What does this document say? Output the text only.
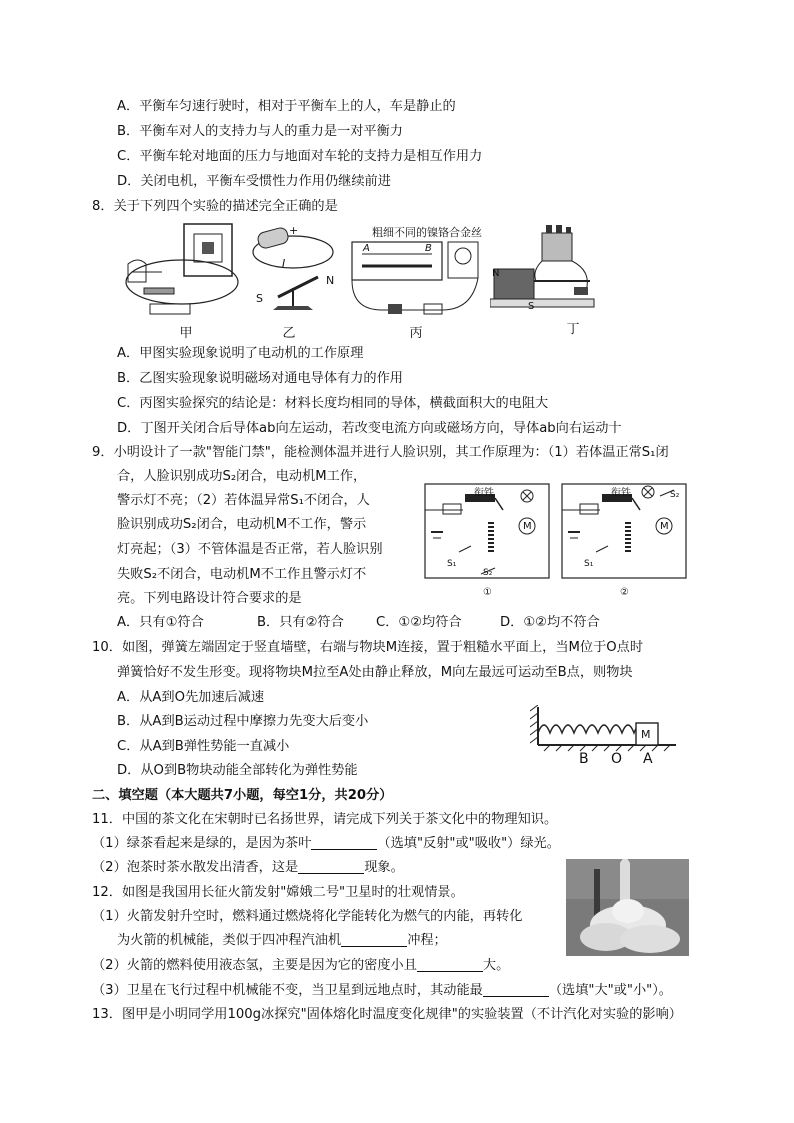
A．平衡车匀速行驶时，相对于平衡车上的人，车是静止的
B．平衡车对人的支持力与人的重力是一对平衡力
C．平衡车轮对地面的压力与地面对车轮的支持力是相互作用力
D．关闭电机，平衡车受惯性力作用仍继续前进
8．关于下列四个实验的描述完全正确的是
甲
+
I
S
N
乙
粗细不同的镍铬合金丝
A	B
丙
N
S
丁
A．甲图实验现象说明了电动机的工作原理
B．乙图实验现象说明磁场对通电导体有力的作用
C．丙图实验探究的结论是：材料长度均相同的导体，横截面积大的电阻大
D．丁图开关闭合后导体ab向左运动，若改变电流方向或磁场方向，导体ab向右运动十
9．小明设计了一款"智能门禁"，能检测体温并进行人脸识别，其工作原理为：（1）若体温正常S₁闭
合，人脸识别成功S₂闭合，电动机M工作，
警示灯不亮；（2）若体温异常S₁不闭合，人
脸识别成功S₂闭合，电动机M不工作，警示
灯亮起；（3）不管体温是否正常，若人脸识别
失败S₂不闭合，电动机M不工作且警示灯不
亮。下列电路设计符合要求的是
衔铁
M
S₁
S₂
①
衔铁
M
S₂
S₁
②
A．只有①符合	B．只有②符合 C．①②均符合	D．①②均不符合
10．如图，弹簧左端固定于竖直墙壁，右端与物块M连接，置于粗糙水平面上，当M位于O点时
弹簧恰好不发生形变。现将物块M拉至A处由静止释放，M向左最远可运动至B点，则物块
A．从A到O先加速后减速
B．从A到B运动过程中摩擦力先变大后变小
C．从A到B弹性势能一直减小
D．从O到B物块动能全部转化为弹性势能
M
B O A
二、填空题（本大题共7小题，每空1分，共20分）
11．中国的茶文化在宋朝时已名扬世界，请完成下列关于茶文化中的物理知识。
（1）绿茶看起来是绿的，是因为茶叶	（选填"反射"或"吸收"）绿光。
（2）泡茶时茶水散发出清香，这是	现象。
12．如图是我国用长征火箭发射"嫦娥二号"卫星时的壮观情景。
（1）火箭发射升空时，燃料通过燃烧将化学能转化为燃气的内能，再转化
为火箭的机械能，类似于四冲程汽油机	冲程；
（2）火箭的燃料使用液态氢，主要是因为它的密度小且	大。
（3）卫星在飞行过程中机械能不变，当卫星到远地点时，其动能最	（选填"大"或"小"）。
13．图甲是小明同学用100g冰探究"固体熔化时温度变化规律"的实验装置（不计汽化对实验的影响）
